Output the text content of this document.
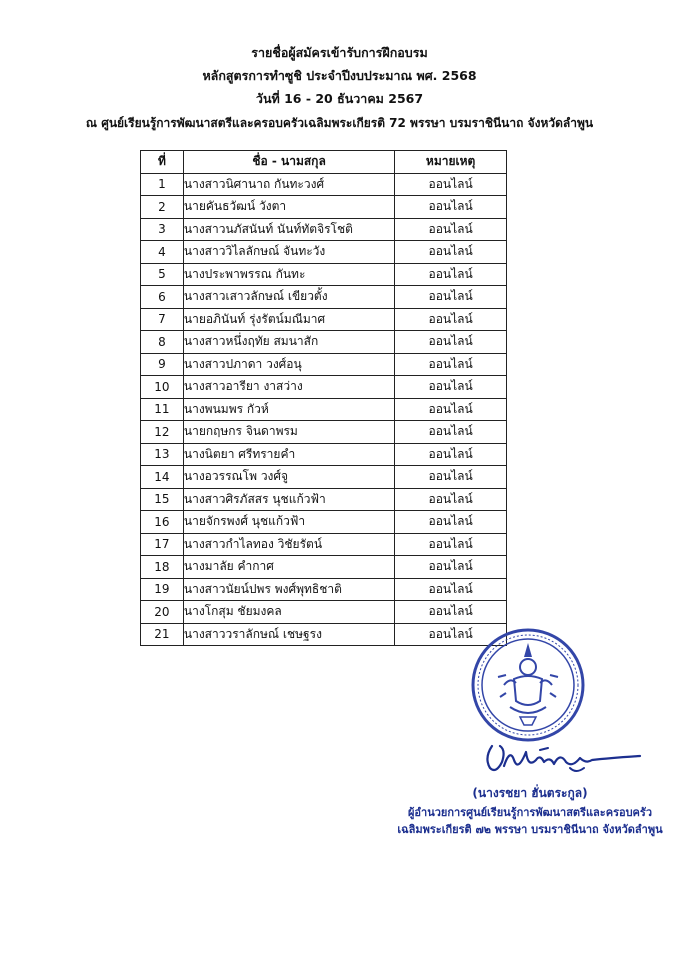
รายชื่อผู้สมัครเข้ารับการฝึกอบรม
หลักสูตรการทำซูชิ ประจำปีงบประมาณ พศ. 2568
วันที่ 16 - 20 ธันวาคม 2567
ณ ศูนย์เรียนรู้การพัฒนาสตรีและครอบครัวเฉลิมพระเกียรติ 72 พรรษา บรมราชินีนาถ จังหวัดลำพูน
ที่	ชื่อ - นามสกุล	หมายเหตุ
1	นางสาวนิศานาถ กันทะวงศ์	ออนไลน์
2	นายคันธวัฒน์ วังตา	ออนไลน์
3	นางสาวนภัสนันท์ นันท์ทัตจิรโชติ	ออนไลน์
4	นางสาววิไลลักษณ์ จันทะวัง	ออนไลน์
5	นางประพาพรรณ กันทะ	ออนไลน์
6	นางสาวเสาวลักษณ์ เขียวตั้ง	ออนไลน์
7	นายอภินันท์ รุ่งรัตน์มณีมาศ	ออนไลน์
8	นางสาวหนึ่งฤทัย สมนาสัก	ออนไลน์
9	นางสาวปภาดา วงศ์อนุ	ออนไลน์
10	นางสาวอารียา งาสว่าง	ออนไลน์
11	นางพนมพร กัวห์	ออนไลน์
12	นายกฤษกร จินดาพรม	ออนไลน์
13	นางนิตยา ศรีทรายคำ	ออนไลน์
14	นางอวรรณโพ วงศ์จู	ออนไลน์
15	นางสาวศิรภัสสร นุชแก้วฟ้า	ออนไลน์
16	นายจักรพงศ์ นุชแก้วฟ้า	ออนไลน์
17	นางสาวกำไลทอง วิชัยรัตน์	ออนไลน์
18	นางมาลัย คำกาศ	ออนไลน์
19	นางสาวนัยน์ปพร พงศ์พุทธิชาติ	ออนไลน์
20	นางโกสุม ชัยมงคล	ออนไลน์
21	นางสาววราลักษณ์ เชษฐรง	ออนไลน์
(นางรชยา ฮั่นตระกูล)
ผู้อำนวยการศูนย์เรียนรู้การพัฒนาสตรีและครอบครัว
เฉลิมพระเกียรติ ๗๒ พรรษา บรมราชินีนาถ จังหวัดลำพูน
